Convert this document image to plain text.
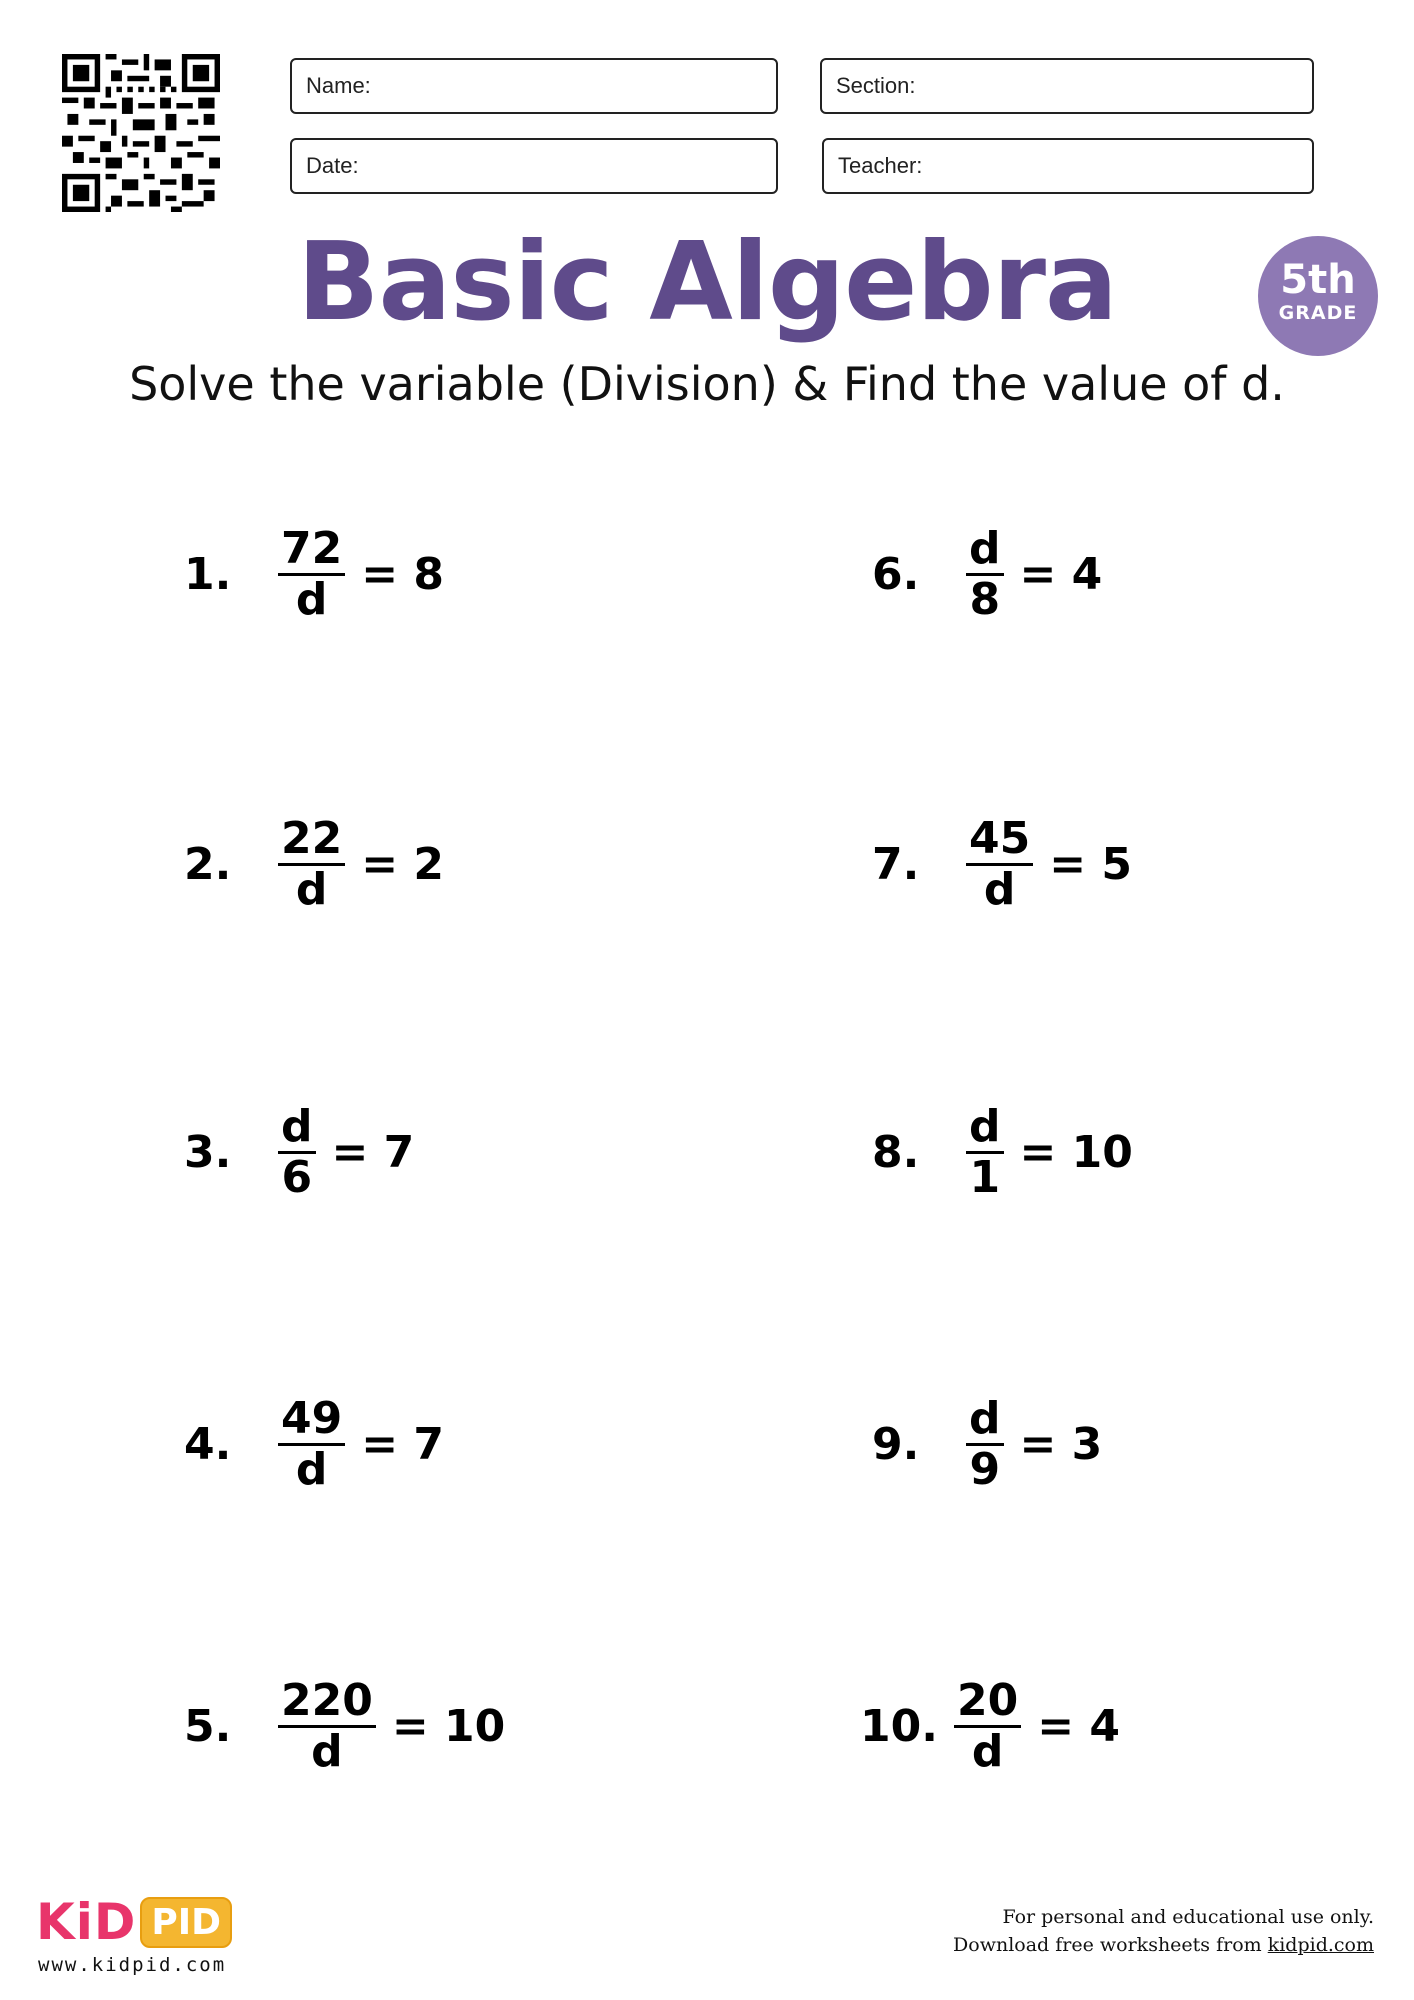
Name:	Section:
Date:	Teacher:
Basic Algebra	5th
GRADE
Solve the variable (Division) & Find the value of d.
1.	$\frac{72}{d} = 8$
2.	$\frac{22}{d} = 2$
3.	$\frac{d}{6} = 7$
4.	$\frac{49}{d} = 7$
5.	$\frac{220}{d} = 10$
6.	$\frac{d}{8} = 4$
7.	$\frac{45}{d} = 5$
8.	$\frac{d}{1} = 10$
9.	$\frac{d}{9} = 3$
10. $\frac{20}{d} = 4$
KiD PID
www.kidpid.com
For personal and educational use only.
Download free worksheets from kidpid.com
